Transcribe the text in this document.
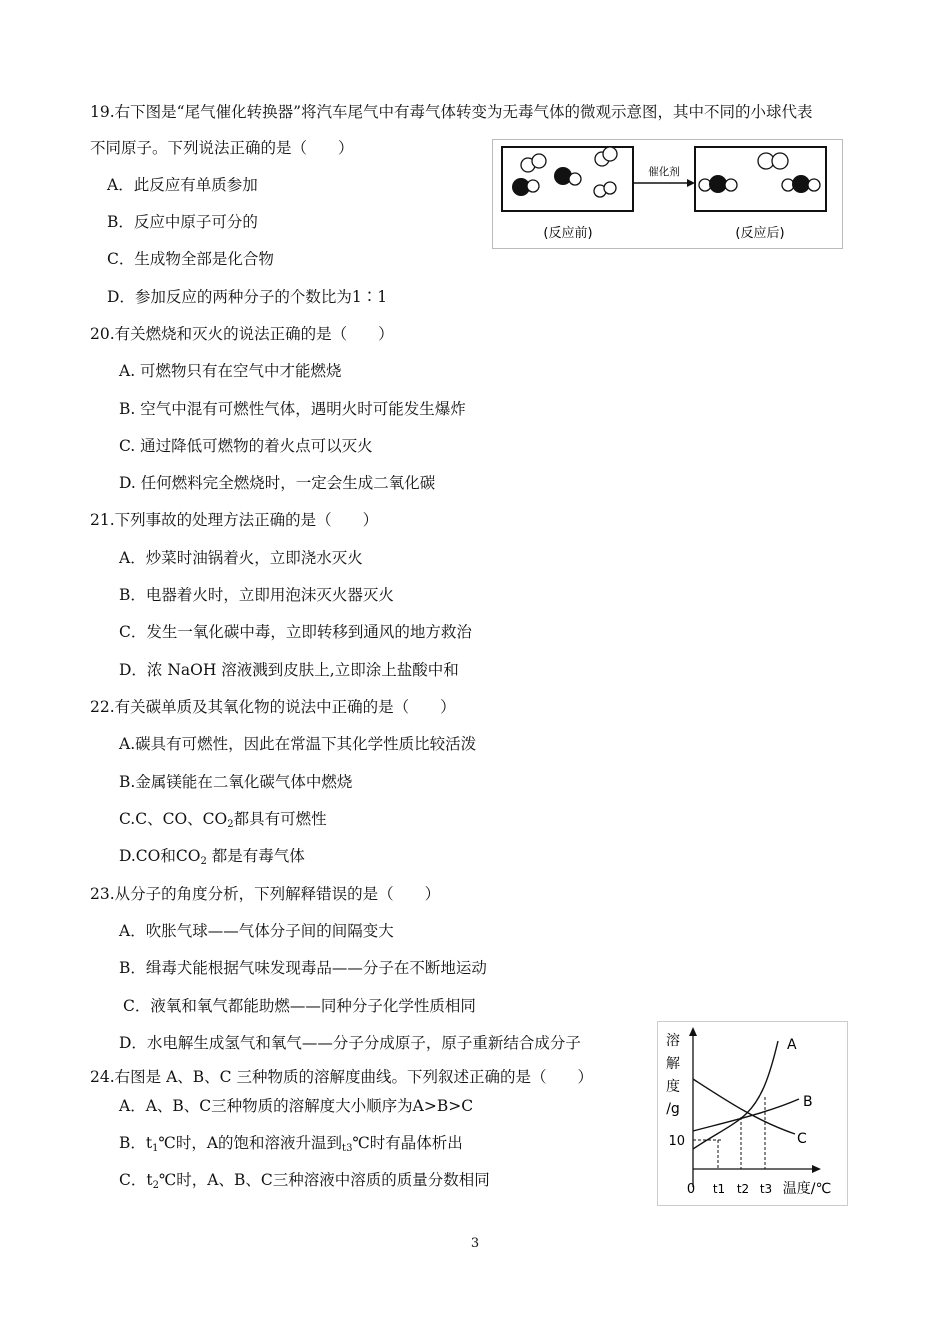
19.右下图是“尾气催化转换器”将汽车尾气中有毒气体转变为无毒气体的微观示意图，其中不同的小球代表
不同原子。下列说法正确的是（　　）
A．此反应有单质参加
B．反应中原子可分的
C．生成物全部是化合物
D．参加反应的两种分子的个数比为1∶1
催化剂
(反应前)	(反应后)
20.有关燃烧和灭火的说法正确的是（　　）
A. 可燃物只有在空气中才能燃烧
B. 空气中混有可燃性气体，遇明火时可能发生爆炸
C. 通过降低可燃物的着火点可以灭火
D. 任何燃料完全燃烧时，一定会生成二氧化碳
21.下列事故的处理方法正确的是（　　）
A．炒菜时油锅着火，立即浇水灭火
B．电器着火时，立即用泡沫灭火器灭火
C．发生一氧化碳中毒，立即转移到通风的地方救治
D．浓 NaOH 溶液溅到皮肤上,立即涂上盐酸中和
22.有关碳单质及其氧化物的说法中正确的是（　　）
A.碳具有可燃性，因此在常温下其化学性质比较活泼
B.金属镁能在二氧化碳气体中燃烧
C.C、CO、$CO_2$都具有可燃性
D.CO和$CO_2$ 都是有毒气体
23.从分子的角度分析，下列解释错误的是（　　）
A．吹胀气球——气体分子间的间隔变大
B．缉毒犬能根据气味发现毒品——分子在不断地运动
C．液氧和氧气都能助燃——同种分子化学性质相同
D．水电解生成氢气和氧气——分子分成原子，原子重新结合成分子
24.右图是 A、B、C 三种物质的溶解度曲线。下列叙述正确的是（　　）
A．A、B、C三种物质的溶解度大小顺序为A>B>C
B．$t_1℃$时，A的饱和溶液升温到$_{t3}$℃时有晶体析出
C．$t_2℃$时，A、B、C三种溶液中溶质的质量分数相同
溶
解
度
/g
10
0
A
B
C
t1 t2 t3 温度/℃
3
